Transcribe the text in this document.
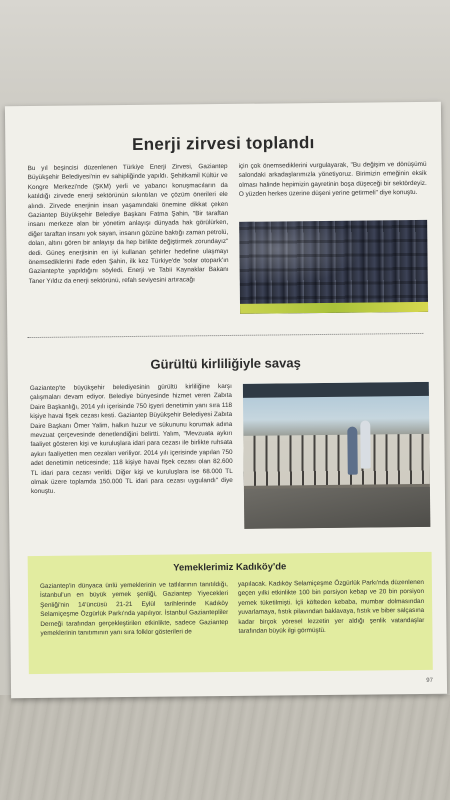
Enerji zirvesi toplandı
Bu yıl beşincisi düzenlenen Türkiye Enerji Zirvesi, Gaziantep Büyükşehir Belediyesi'nin ev sahipliğinde yapıldı. Şehitkamil Kültür ve Kongre Merkezi'nde (ŞKM) yerli ve yabancı konuşmacıların da katıldığı zirvede enerji sektörünün sıkıntıları ve çözüm önerileri ele alındı. Zirvede enerjinin insan yaşamındaki önemine dikkat çeken Gaziantep Büyükşehir Belediye Başkanı Fatma Şahin, "Bir taraftan insanı merkeze alan bir yönetim anlayışı dünyada hak görülürken, diğer taraftan insanı yok sayan, insanın gözüne baktığı zaman petrolü, doları, altını gören bir anlayışı da hep birlikte değiştirmek zorundayız" dedi. Güneş enerjisinin en iyi kullanan şehirler hedefine ulaşmayı önemsediklerini ifade eden Şahin, ilk kez Türkiye'de 'solar otopark'ın Gaziantep'te yapıldığını söyledi. Enerji ve Tabii Kaynaklar Bakanı Taner Yıldız da enerji sektörünü, refah seviyesini artıracağı
için çok önemsediklerini vurgulayarak, "Bu değişim ve dönüşümü salondaki arkadaşlarımızla yönetiyoruz. Birimizin emeğinin eksik olması halinde hepimizin gayretinin boşa düşeceği bir sektördeyiz. O yüzden herkes üzerine düşeni yerine getirmeli" diye konuştu.
Gürültü kirliliğiyle savaş
Gaziantep'te büyükşehir belediyesinin gürültü kirliliğine karşı çalışmaları devam ediyor. Belediye bünyesinde hizmet veren Zabıta Daire Başkanlığı, 2014 yılı içerisinde 750 işyeri denetimin yanı sıra 118 kişiye havai fişek cezası kesti. Gaziantep Büyükşehir Belediyesi Zabıta Daire Başkanı Ömer Yalim, halkın huzur ve sükununu korumak adına mevzuat çerçevesinde denetlendiğini belirtti. Yalım, "Mevzuata aykırı faaliyet gösteren kişi ve kuruluşlara idari para cezası ile birlikte ruhsata aykırı faaliyetten men cezaları veriliyor. 2014 yılı içerisinde yapılan 750 adet denetimin neticesinde; 118 kişiye havai fişek cezası olan 82.600 TL idari para cezası verildi. Diğer kişi ve kuruluşlara ise 68.000 TL olmak üzere toplamda 150.000 TL idari para cezası uygulandı" diye konuştu.
Yemeklerimiz Kadıköy'de
Gaziantep'in dünyaca ünlü yemeklerinin ve tatlılarının tanıtıldığı, İstanbul'un en büyük yemek şenliği, Gaziantep Yiyecekleri Şenliği'nin 14'üncüsü 21-21 Eylül tarihlerinde Kadıköy Selamiçeşme Özgürlük Parkı'nda yapılıyor. İstanbul Gaziantepliler Derneği tarafından gerçekleştirilen etkinlikte, sadece Gaziantep yemeklerinin tanıtımının yanı sıra folklor gösterileri de
yapılacak. Kadıköy Selamiçeşme Özgürlük Parkı'nda düzenlenen geçen yılki etkinlikte 100 bin porsiyon kebap ve 20 bin porsiyon yemek tüketilmişti. İçli köfteden kebaba, mumbar dolmasından yuvarlamaya, fıstık pilavından baklavaya, fıstık ve biber salçasına kadar birçok yöresel lezzetin yer aldığı şenlik vatandaşlar tarafından büyük ilgi görmüştü.
97
